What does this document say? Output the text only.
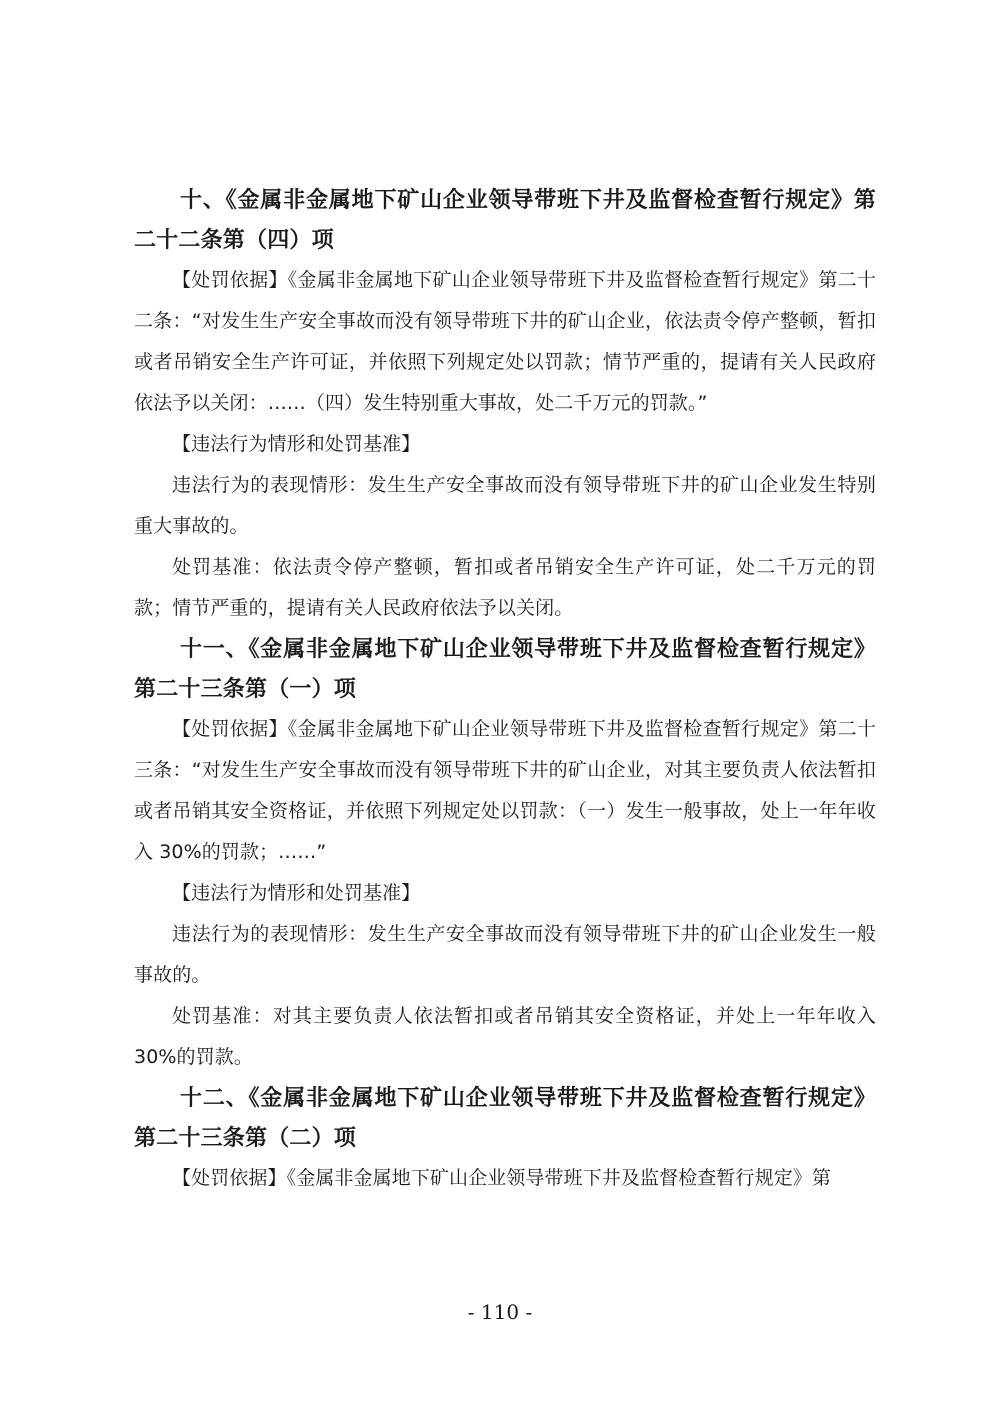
十、《金属非金属地下矿山企业领导带班下井及监督检查暂行规定》第二十二条第（四）项

【处罚依据】《金属非金属地下矿山企业领导带班下井及监督检查暂行规定》第二十二条：“对发生生产安全事故而没有领导带班下井的矿山企业，依法责令停产整顿，暂扣或者吊销安全生产许可证，并依照下列规定处以罚款；情节严重的，提请有关人民政府依法予以关闭：……（四）发生特别重大事故，处二千万元的罚款。”

【违法行为情形和处罚基准】

违法行为的表现情形：发生生产安全事故而没有领导带班下井的矿山企业发生特别重大事故的。

处罚基准：依法责令停产整顿，暂扣或者吊销安全生产许可证，处二千万元的罚款；情节严重的，提请有关人民政府依法予以关闭。

十一、《金属非金属地下矿山企业领导带班下井及监督检查暂行规定》第二十三条第（一）项

【处罚依据】《金属非金属地下矿山企业领导带班下井及监督检查暂行规定》第二十三条：“对发生生产安全事故而没有领导带班下井的矿山企业，对其主要负责人依法暂扣或者吊销其安全资格证，并依照下列规定处以罚款：（一）发生一般事故，处上一年年收入 30%的罚款；……”

【违法行为情形和处罚基准】

违法行为的表现情形：发生生产安全事故而没有领导带班下井的矿山企业发生一般事故的。

处罚基准：对其主要负责人依法暂扣或者吊销其安全资格证，并处上一年年收入 30%的罚款。

十二、《金属非金属地下矿山企业领导带班下井及监督检查暂行规定》第二十三条第（二）项

【处罚依据】《金属非金属地下矿山企业领导带班下井及监督检查暂行规定》第

- 110 -
